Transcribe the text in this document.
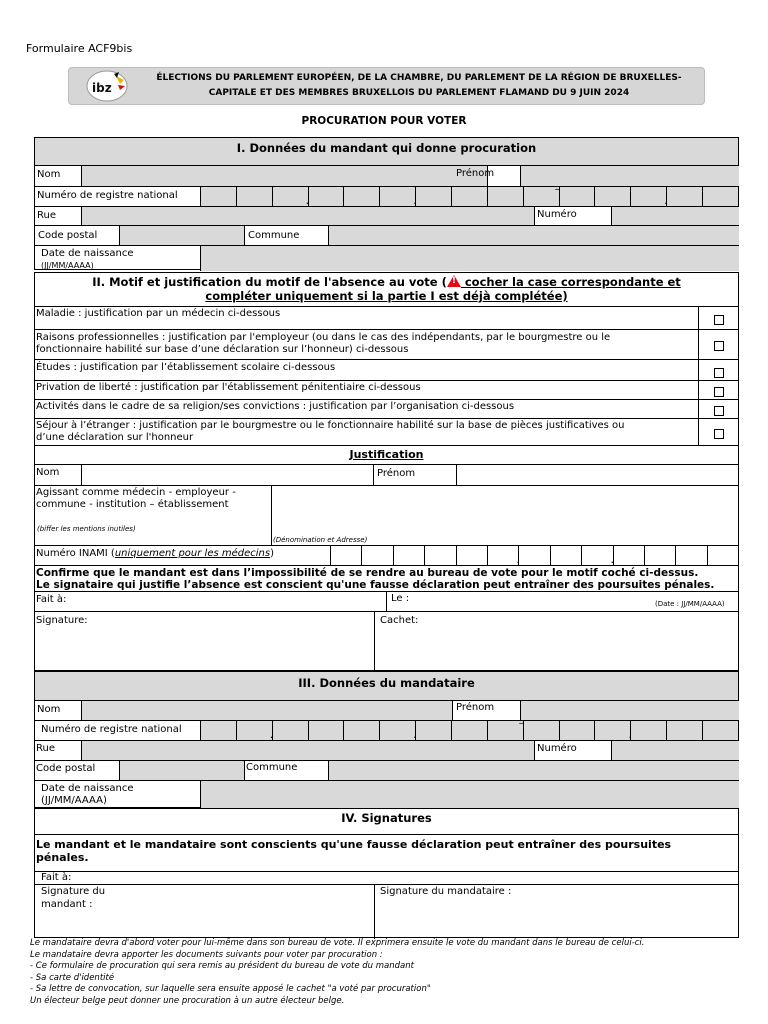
Formulaire ACF9bis
ibz
ÉLECTIONS DU PARLEMENT EUROPÉEN, DE LA CHAMBRE, DU PARLEMENT DE LA RÉGION DE BRUXELLES-
CAPITALE ET DES MEMBRES BRUXELLOIS DU PARLEMENT FLAMAND DU 9 JUIN 2024
PROCURATION POUR VOTER
I. Données du mandant qui donne procuration
Nom	Prénom
Numéro de registre national
.
.
–
.
Rue	Numéro
Code postal	Commune
Date de naissance
(JJ/MM/AAAA)
II. Motif et justification du motif de l'absence au vote (! cocher la case correspondante et
compléter uniquement si la partie I est déjà complétée)
Maladie : justification par un médecin ci-dessous
Raisons professionnelles : justification par l'employeur (ou dans le cas des indépendants, par le bourgmestre ou le
fonctionnaire habilité sur base d’une déclaration sur l’honneur) ci-dessous
Études : justification par l’établissement scolaire ci-dessous
Privation de liberté : justification par l'établissement pénitentiaire ci-dessous
Activités dans le cadre de sa religion/ses convictions : justification par l’organisation ci-dessous
Séjour à l’étranger : justification par le bourgmestre ou le fonctionnaire habilité sur la base de pièces justificatives ou
d’une déclaration sur l'honneur
Justification
Nom	Prénom
Agissant comme médecin - employeur -
commune - institution – établissement
(biffer les mentions inutiles)
(Dénomination et Adresse)
Numéro INAMI (uniquement pour les médecins)
.
.
Confirme que le mandant est dans l’impossibilité de se rendre au bureau de vote pour le motif coché ci-dessus.
Le signataire qui justifie l’absence est conscient qu'une fausse déclaration peut entraîner des poursuites pénales.
Fait à:	Le :	(Date : JJ/MM/AAAA)
Signature:	Cachet:
III. Données du mandataire
Nom	Prénom
Numéro de registre national
.
.
–
.
Rue	Numéro
Code postal	Commune
Date de naissance
(JJ/MM/AAAA)
IV. Signatures
Le mandant et le mandataire sont conscients qu'une fausse déclaration peut entraîner des poursuites
pénales.
Fait à:
Signature du
mandant :
Signature du mandataire :
Le mandataire devra d'abord voter pour lui-même dans son bureau de vote. Il exprimera ensuite le vote du mandant dans le bureau de celui-ci.
Le mandataire devra apporter les documents suivants pour voter par procuration :
- Ce formulaire de procuration qui sera remis au président du bureau de vote du mandant
- Sa carte d'identité
- Sa lettre de convocation, sur laquelle sera ensuite apposé le cachet "a voté par procuration"
Un électeur belge peut donner une procuration à un autre électeur belge.
